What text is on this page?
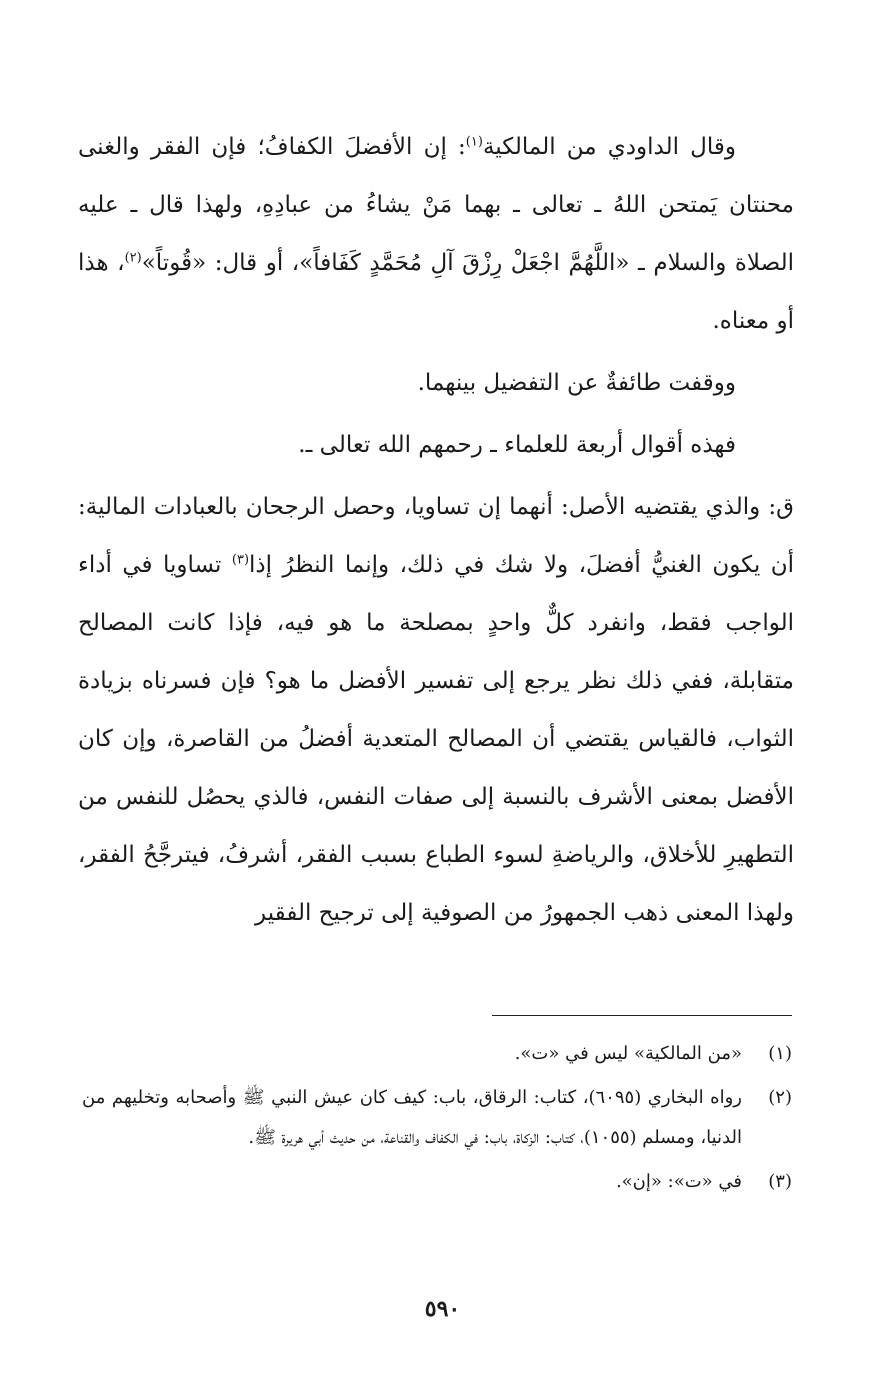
وقال الداودي من المالكية$^{(١)}$: إن الأفضلَ الكفافُ؛ فإن الفقر والغنى محنتان يَمتحن اللهُ ـ تعالى ـ بهما مَنْ يشاءُ من عبادِهِ، ولهذا قال ـ عليه الصلاة والسلام ـ «اللَّهُمَّ اجْعَلْ رِزْقَ آلِ مُحَمَّدٍ كَفَافاً»، أو قال: «قُوتاً»$^{(٢)}$، هذا أو معناه.

ووقفت طائفةٌ عن التفضيل بينهما.

فهذه أقوال أربعة للعلماء ـ رحمهم الله تعالى ـ.

ق: والذي يقتضيه الأصل: أنهما إن تساويا، وحصل الرجحان بالعبادات المالية: أن يكون الغنيُّ أفضلَ، ولا شك في ذلك، وإنما النظرُ إذا$^{(٣)}$ تساويا في أداء الواجب فقط، وانفرد كلٌّ واحدٍ بمصلحة ما هو فيه، فإذا كانت المصالح متقابلة، ففي ذلك نظر يرجع إلى تفسير الأفضل ما هو؟ فإن فسرناه بزيادة الثواب، فالقياس يقتضي أن المصالح المتعدية أفضلُ من القاصرة، وإن كان الأفضل بمعنى الأشرف بالنسبة إلى صفات النفس، فالذي يحصُل للنفس من التطهيرِ للأخلاق، والرياضةِ لسوء الطباع بسبب الفقر، أشرفُ، فيترجَّحُ الفقر، ولهذا المعنى ذهب الجمهورُ من الصوفية إلى ترجيح الفقير

(١)
«من المالكية» ليس في «ت».
(٢)
رواه البخاري (٦٠٩٥)، كتاب: الرقاق، باب: كيف كان عيش النبي ﷺ وأصحابه وتخليهم من الدنيا، ومسلم (١٠٥٥)، كتاب: الزكاة، باب: في الكفاف والقناعة، من حديث أبي هريرة ﷺ.
(٣)
في «ت»: «إن».
٥٩٠
